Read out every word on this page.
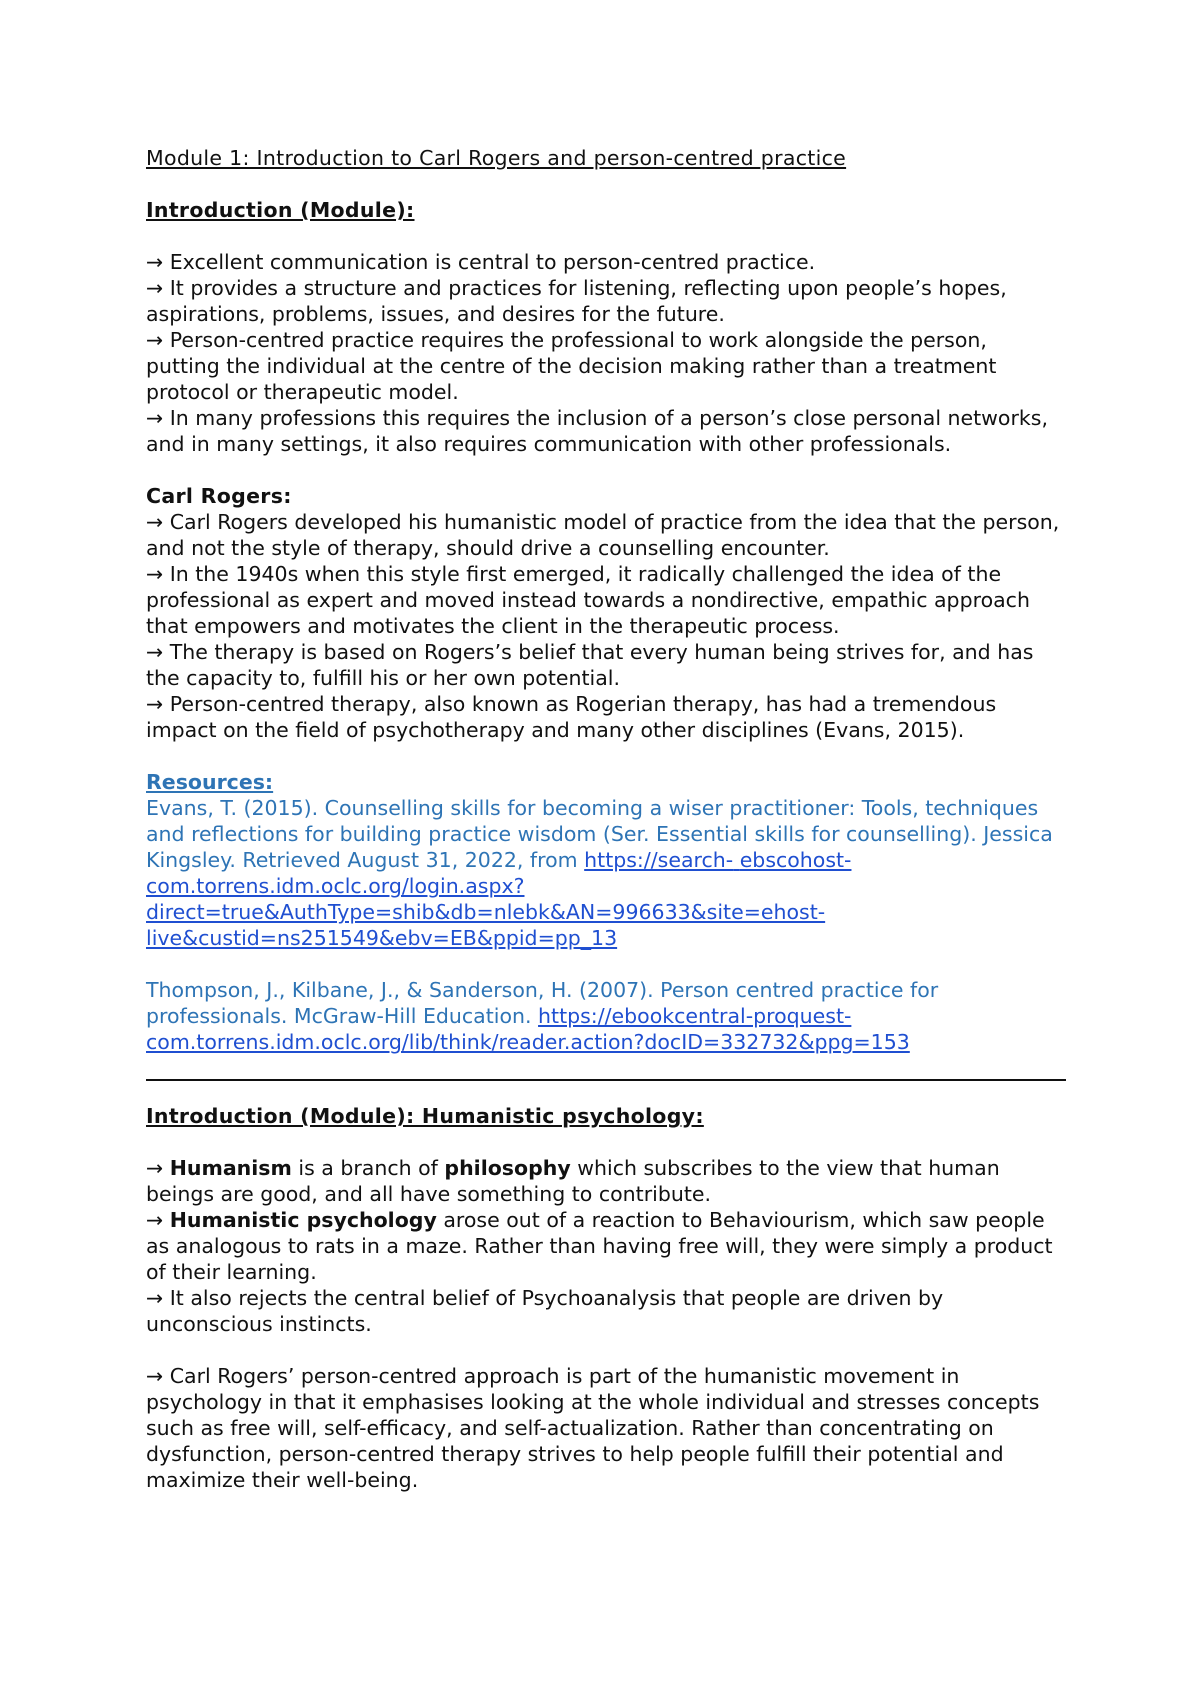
Module 1: Introduction to Carl Rogers and person-centred practice
Introduction (Module):

→ Excellent communication is central to person-centred practice.

→ It provides a structure and practices for listening, reflecting upon people’s hopes, aspirations, problems, issues, and desires for the future.

→ Person-centred practice requires the professional to work alongside the person, putting the individual at the centre of the decision making rather than a treatment protocol or therapeutic model.

→ In many professions this requires the inclusion of a person’s close personal networks, and in many settings, it also requires communication with other professionals.

Carl Rogers:

→ Carl Rogers developed his humanistic model of practice from the idea that the person, and not the style of therapy, should drive a counselling encounter.

→ In the 1940s when this style first emerged, it radically challenged the idea of the professional as expert and moved instead towards a nondirective, empathic approach that empowers and motivates the client in the therapeutic process.

→ The therapy is based on Rogers’s belief that every human being strives for, and has the capacity to, fulfill his or her own potential.

→ Person-centred therapy, also known as Rogerian therapy, has had a tremendous impact on the field of psychotherapy and many other disciplines (Evans, 2015).

Resources:

Evans, T. (2015). Counselling skills for becoming a wiser practitioner: Tools, techniques and reflections for building practice wisdom (Ser. Essential skills for counselling). Jessica Kingsley. Retrieved August 31, 2022, from https://search- ebscohost-com.torrens.idm.oclc.org/login.aspx? direct=true&AuthType=shib&db=nlebk&AN=996633&site=ehost- live&custid=ns251549&ebv=EB&ppid=pp_13

Thompson, J., Kilbane, J., & Sanderson, H. (2007). Person centred practice for professionals. McGraw-Hill Education. https://ebookcentral-proquest- com.torrens.idm.oclc.org/lib/think/reader.action?docID=332732&ppg=153

Introduction (Module): Humanistic psychology:

→ Humanism is a branch of philosophy which subscribes to the view that human beings are good, and all have something to contribute.

→ Humanistic psychology arose out of a reaction to Behaviourism, which saw people as analogous to rats in a maze. Rather than having free will, they were simply a product of their learning.

→ It also rejects the central belief of Psychoanalysis that people are driven by unconscious instincts.

→ Carl Rogers’ person-centred approach is part of the humanistic movement in psychology in that it emphasises looking at the whole individual and stresses concepts such as free will, self-efficacy, and self-actualization. Rather than concentrating on dysfunction, person-centred therapy strives to help people fulfill their potential and maximize their well-being.
